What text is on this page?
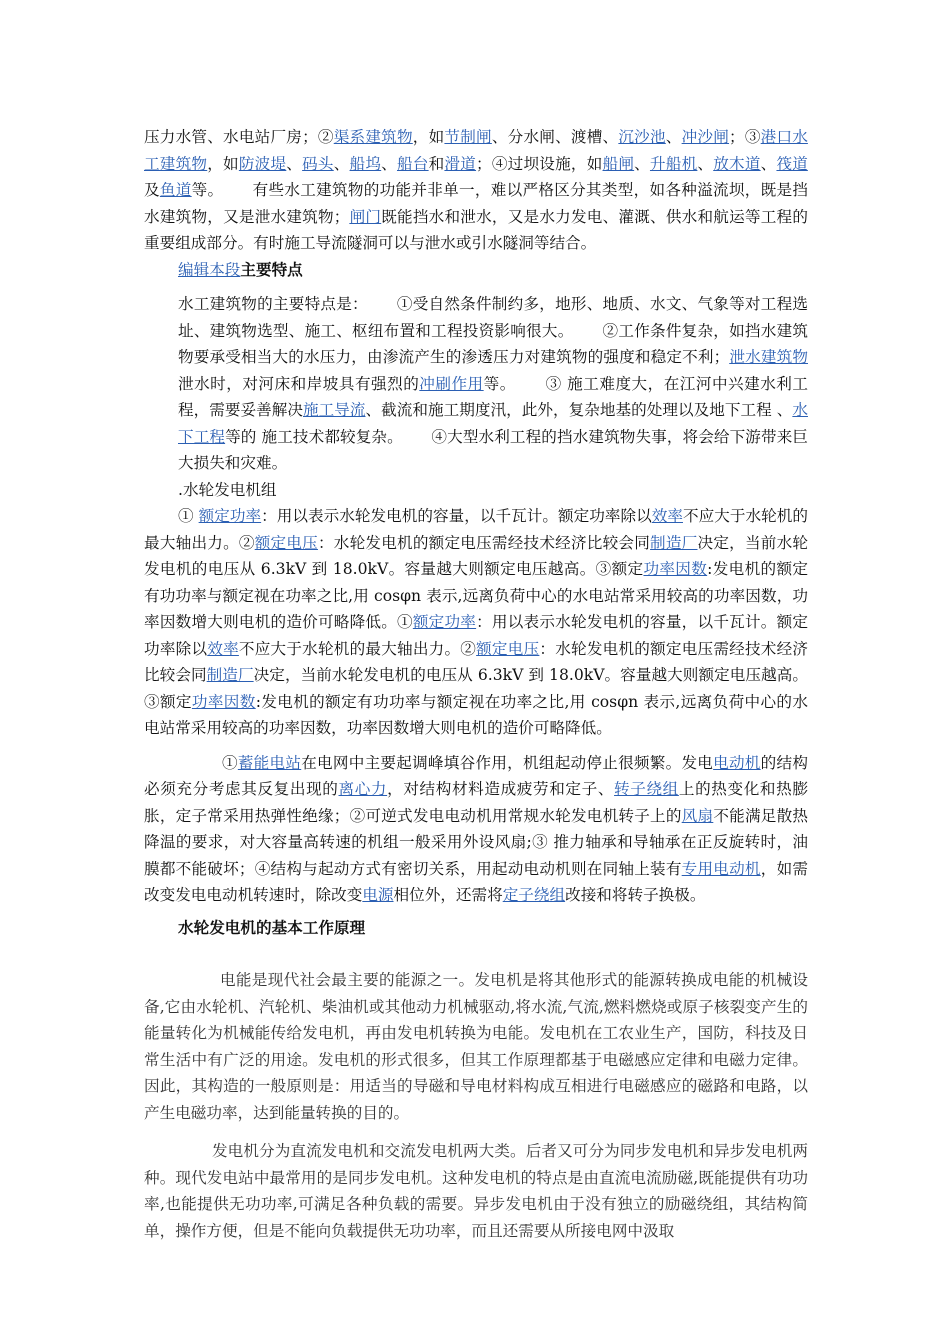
压力水管、水电站厂房；②渠系建筑物，如节制闸、分水闸、渡槽、沉沙池、冲沙闸；③港口水工建筑物，如防波堤、码头、船坞、船台和滑道；④过坝设施，如船闸、升船机、放木道、筏道及鱼道等。　　 有些水工建筑物的功能并非单一，难以严格区分其类型，如各种溢流坝，既是挡水建筑物，又是泄水建筑物；闸门既能挡水和泄水，又是水力发电、灌溉、供水和航运等工程的重要组成部分。有时施工导流隧洞可以与泄水或引水隧洞等结合。

编辑本段主要特点

水工建筑物的主要特点是：　　 ①受自然条件制约多，地形、地质、水文、气象等对工程选址、建筑物选型、施工、枢纽布置和工程投资影响很大。　　 ②工作条件复杂，如挡水建筑物要承受相当大的水压力，由渗流产生的渗透压力对建筑物的强度和稳定不利；泄水建筑物泄水时，对河床和岸坡具有强烈的冲刷作用等。　　 ③ 施工难度大，在江河中兴建水利工程，需要妥善解决施工导流、截流和施工期度汛，此外，复杂地基的处理以及地下工程 、水下工程等的 施工技术都较复杂。　　 ④大型水利工程的挡水建筑物失事，将会给下游带来巨大损失和灾难。

.水轮发电机组

① 额定功率：用以表示水轮发电机的容量，以千瓦计。额定功率除以效率不应大于水轮机的最大轴出力。②额定电压：水轮发电机的额定电压需经技术经济比较会同制造厂决定，当前水轮发电机的电压从 6.3kV 到 18.0kV。容量越大则额定电压越高。③额定功率因数:发电机的额定有功功率与额定视在功率之比,用 cosφn 表示,远离负荷中心的水电站常采用较高的功率因数，功率因数增大则电机的造价可略降低。①额定功率：用以表示水轮发电机的容量，以千瓦计。额定功率除以效率不应大于水轮机的最大轴出力。②额定电压：水轮发电机的额定电压需经技术经济比较会同制造厂决定，当前水轮发电机的电压从 6.3kV 到 18.0kV。容量越大则额定电压越高。③额定功率因数:发电机的额定有功功率与额定视在功率之比,用 cosφn 表示,远离负荷中心的水电站常采用较高的功率因数，功率因数增大则电机的造价可略降低。

①蓄能电站在电网中主要起调峰填谷作用，机组起动停止很频繁。发电电动机的结构必须充分考虑其反复出现的离心力，对结构材料造成疲劳和定子、转子绕组上的热变化和热膨胀，定子常采用热弹性绝缘；②可逆式发电电动机用常规水轮发电机转子上的风扇不能满足散热降温的要求，对大容量高转速的机组一般采用外设风扇;③ 推力轴承和导轴承在正反旋转时，油膜都不能破坏；④结构与起动方式有密切关系，用起动电动机则在同轴上装有专用电动机，如需改变发电电动机转速时，除改变电源相位外，还需将定子绕组改接和将转子换极。

水轮发电机的基本工作原理

电能是现代社会最主要的能源之一。发电机是将其他形式的能源转换成电能的机械设备,它由水轮机、汽轮机、柴油机或其他动力机械驱动,将水流,气流,燃料燃烧或原子核裂变产生的能量转化为机械能传给发电机，再由发电机转换为电能。发电机在工农业生产，国防，科技及日常生活中有广泛的用途。发电机的形式很多，但其工作原理都基于电磁感应定律和电磁力定律。因此，其构造的一般原则是：用适当的导磁和导电材料构成互相进行电磁感应的磁路和电路，以产生电磁功率，达到能量转换的目的。

发电机分为直流发电机和交流发电机两大类。后者又可分为同步发电机和异步发电机两种。现代发电站中最常用的是同步发电机。这种发电机的特点是由直流电流励磁,既能提供有功功率,也能提供无功功率,可满足各种负载的需要。异步发电机由于没有独立的励磁绕组，其结构简单，操作方便，但是不能向负载提供无功功率，而且还需要从所接电网中汲取
